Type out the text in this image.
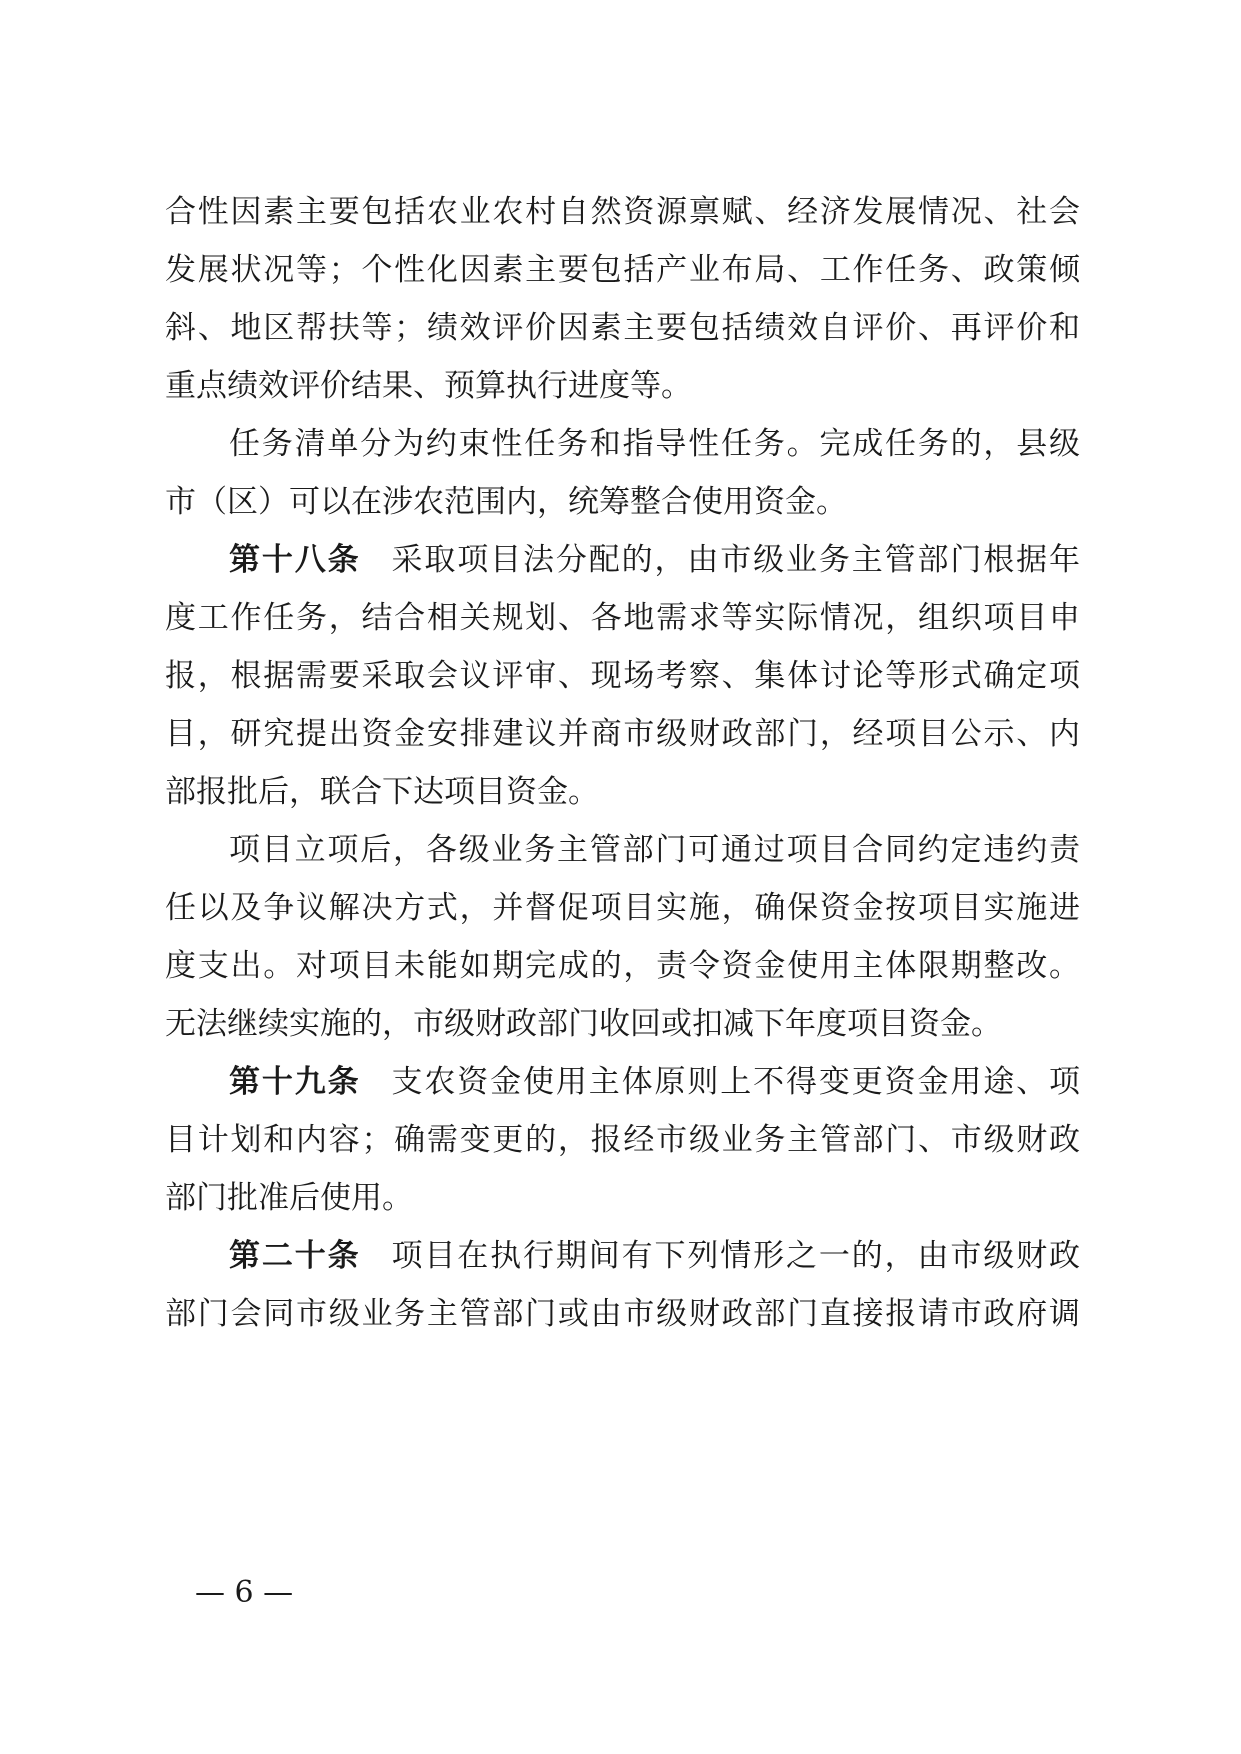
合性因素主要包括农业农村自然资源禀赋、经济发展情况、社会
发展状况等；个性化因素主要包括产业布局、工作任务、政策倾
斜、地区帮扶等；绩效评价因素主要包括绩效自评价、再评价和
重点绩效评价结果、预算执行进度等。
任务清单分为约束性任务和指导性任务。完成任务的，县级
市（区）可以在涉农范围内，统筹整合使用资金。
第十八条 采取项目法分配的，由市级业务主管部门根据年
度工作任务，结合相关规划、各地需求等实际情况，组织项目申
报，根据需要采取会议评审、现场考察、集体讨论等形式确定项
目，研究提出资金安排建议并商市级财政部门，经项目公示、内
部报批后，联合下达项目资金。
项目立项后，各级业务主管部门可通过项目合同约定违约责
任以及争议解决方式，并督促项目实施，确保资金按项目实施进
度支出。对项目未能如期完成的，责令资金使用主体限期整改。
无法继续实施的，市级财政部门收回或扣减下年度项目资金。
第十九条 支农资金使用主体原则上不得变更资金用途、项
目计划和内容；确需变更的，报经市级业务主管部门、市级财政
部门批准后使用。
第二十条 项目在执行期间有下列情形之一的，由市级财政
部门会同市级业务主管部门或由市级财政部门直接报请市政府调
— 6 —
